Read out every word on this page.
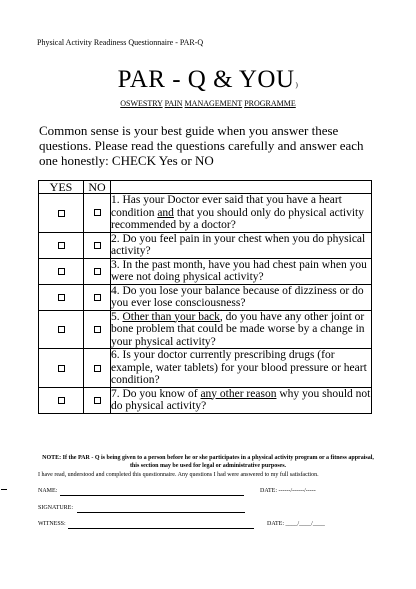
Physical Activity Readiness Questionnaire - PAR-Q
PAR - Q & YOU)
OSWESTRY PAIN MANAGEMENT PROGRAMME
Common sense is your best guide when you answer these questions. Please read the questions carefully and answer each one honestly: CHECK Yes or NO
YES	NO	
		1. Has your Doctor ever said that you have a heart condition and that you should only do physical activity recommended by a doctor?
		2. Do you feel pain in your chest when you do physical activity?
		3. In the past month, have you had chest pain when you were not doing physical activity?
		4. Do you lose your balance because of dizziness or do you ever lose consciousness?
		5. Other than your back, do you have any other joint or bone problem that could be made worse by a change in your physical activity?
		6. Is your doctor currently prescribing drugs (for example, water tablets) for your blood pressure or heart condition?
		7. Do you know of any other reason why you should not do physical activity?
NOTE: If the PAR - Q is being given to a person before he or she participates in a physical activity program or a fitness appraisal, this section may be used for legal or administrative purposes.
I have read, understood and completed this questionnaire. Any questions I had were answered to my full satisfaction.
NAME:	DATE: ------/------/-----
SIGNATURE:
WITNESS:	DATE: ____/____/____
